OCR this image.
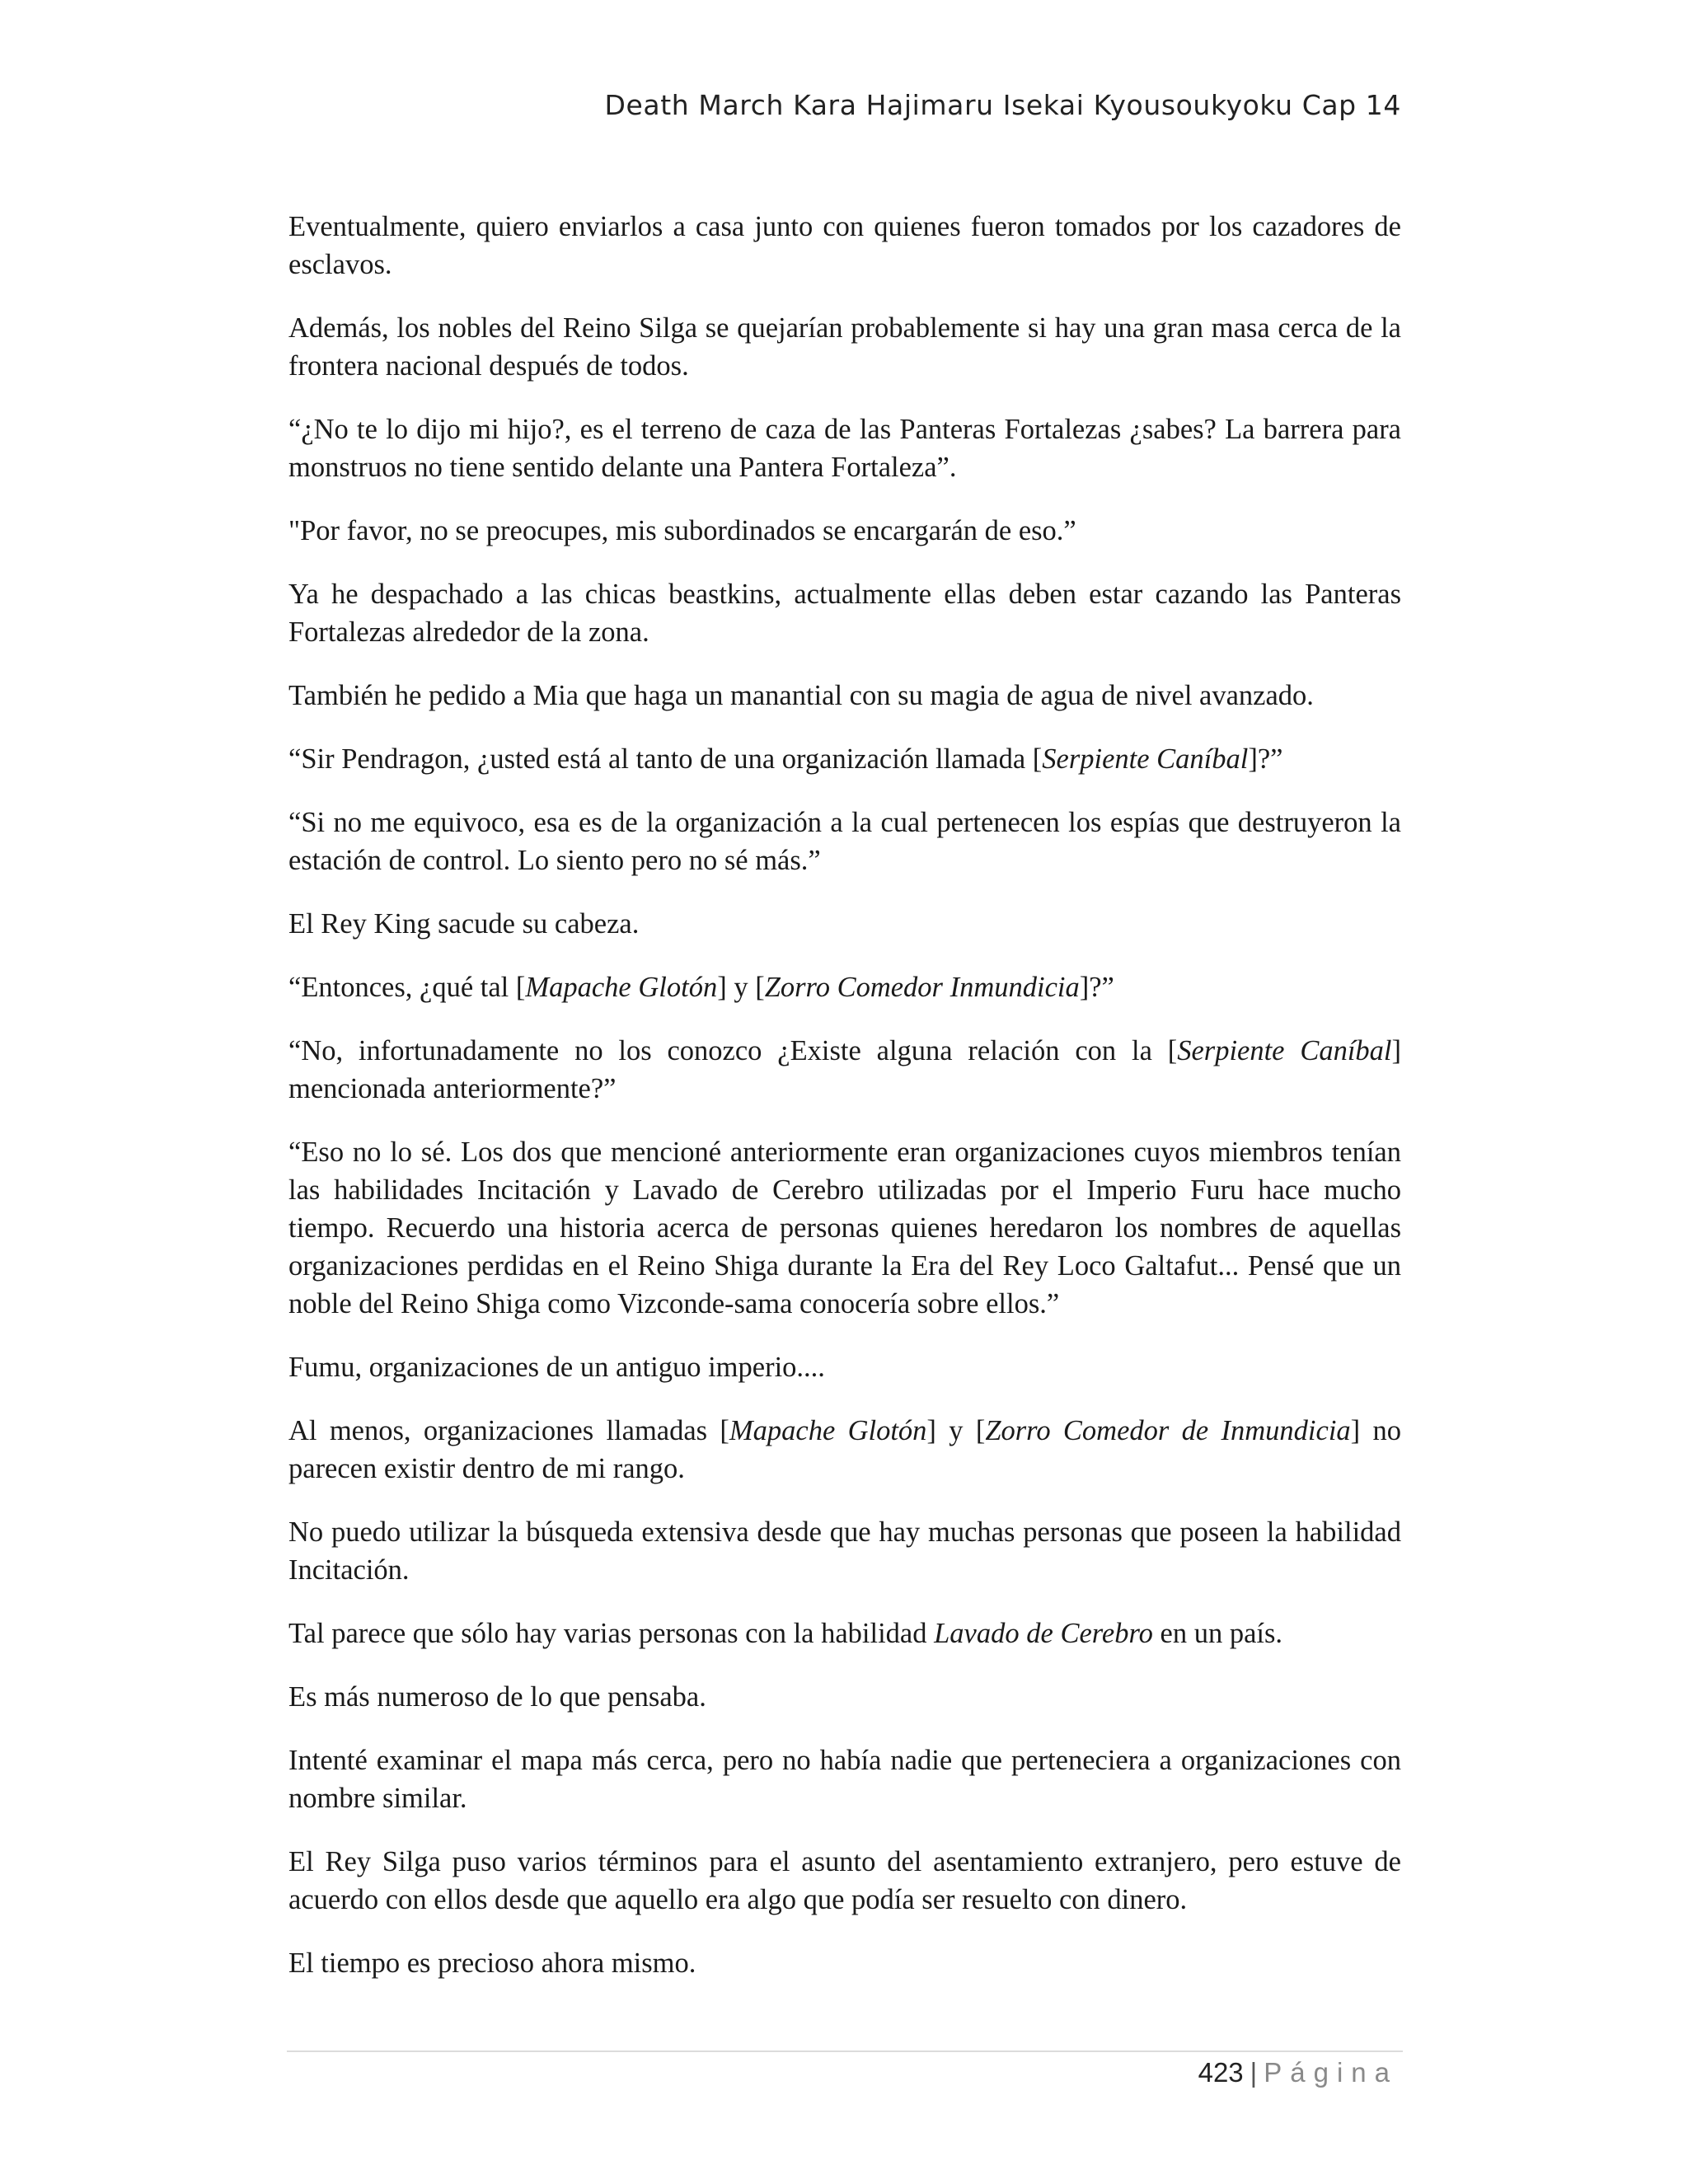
Death March Kara Hajimaru Isekai Kyousoukyoku Cap 14

Eventualmente, quiero enviarlos a casa junto con quienes fueron tomados por los cazadores de esclavos.

Además, los nobles del Reino Silga se quejarían probablemente si hay una gran masa cerca de la frontera nacional después de todos.

“¿No te lo dijo mi hijo?, es el terreno de caza de las Panteras Fortalezas ¿sabes? La barrera para monstruos no tiene sentido delante una Pantera Fortaleza”.

"Por favor, no se preocupes, mis subordinados se encargarán de eso.”

Ya he despachado a las chicas beastkins, actualmente ellas deben estar cazando las Panteras Fortalezas alrededor de la zona.

También he pedido a Mia que haga un manantial con su magia de agua de nivel avanzado.

“Sir Pendragon, ¿usted está al tanto de una organización llamada [Serpiente Caníbal]?”

“Si no me equivoco, esa es de la organización a la cual pertenecen los espías que destruyeron la estación de control. Lo siento pero no sé más.”

El Rey King sacude su cabeza.

“Entonces, ¿qué tal [Mapache Glotón] y [Zorro Comedor Inmundicia]?”

“No, infortunadamente no los conozco ¿Existe alguna relación con la [Serpiente Caníbal] mencionada anteriormente?”

“Eso no lo sé. Los dos que mencioné anteriormente eran organizaciones cuyos miembros tenían las habilidades Incitación y Lavado de Cerebro utilizadas por el Imperio Furu hace mucho tiempo. Recuerdo una historia acerca de personas quienes heredaron los nombres de aquellas organizaciones perdidas en el Reino Shiga durante la Era del Rey Loco Galtafut... Pensé que un noble del Reino Shiga como Vizconde-sama conocería sobre ellos.”

Fumu, organizaciones de un antiguo imperio....

Al menos, organizaciones llamadas [Mapache Glotón] y [Zorro Comedor de Inmundicia] no parecen existir dentro de mi rango.

No puedo utilizar la búsqueda extensiva desde que hay muchas personas que poseen la habilidad Incitación.

Tal parece que sólo hay varias personas con la habilidad Lavado de Cerebro en un país.

Es más numeroso de lo que pensaba.

Intenté examinar el mapa más cerca, pero no había nadie que perteneciera a organizaciones con nombre similar.

El Rey Silga puso varios términos para el asunto del asentamiento extranjero, pero estuve de acuerdo con ellos desde que aquello era algo que podía ser resuelto con dinero.

El tiempo es precioso ahora mismo.

423 | Página
